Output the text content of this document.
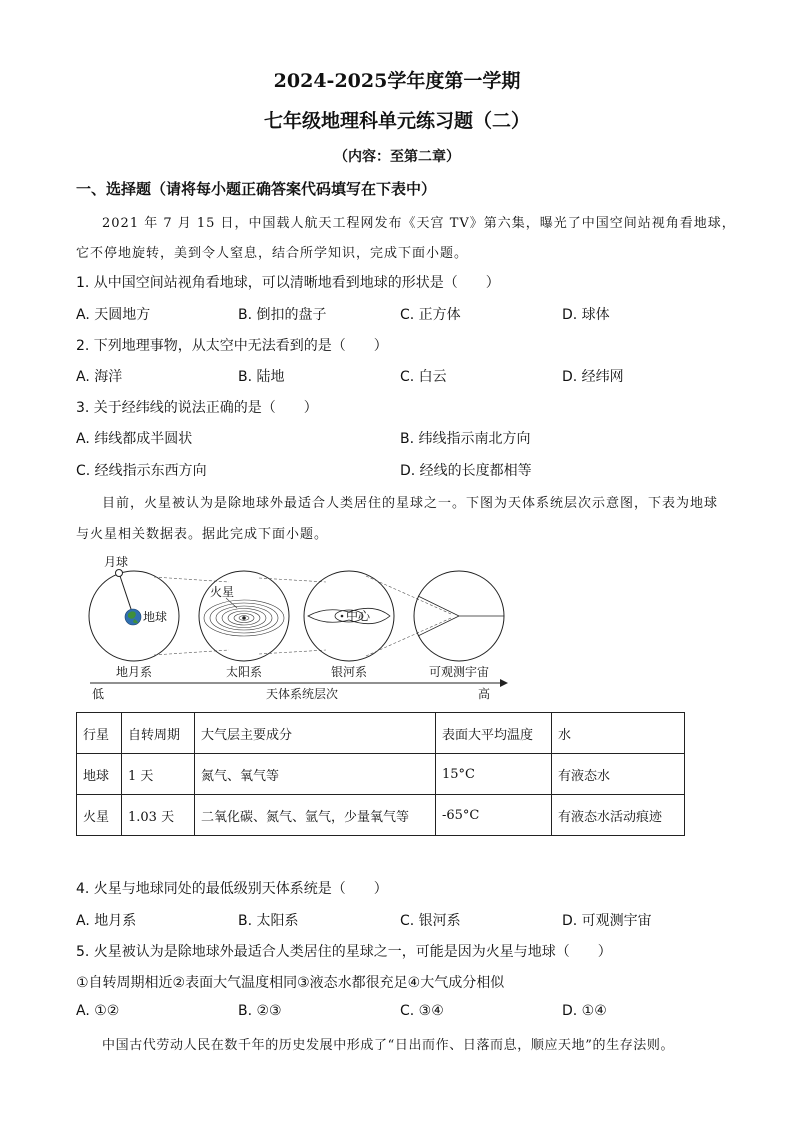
2024-2025学年度第一学期
七年级地理科单元练习题（二）
（内容：至第二章）
一、选择题（请将每小题正确答案代码填写在下表中）
2021 年 7 月 15 日，中国载人航天工程网发布《天宫 TV》第六集，曝光了中国空间站视角看地球，
它不停地旋转，美到令人窒息，结合所学知识，完成下面小题。
1. 从中国空间站视角看地球，可以清晰地看到地球的形状是（　　）
A. 天圆地方	B. 倒扣的盘子	C. 正方体	D. 球体
2. 下列地理事物，从太空中无法看到的是（　　）
A. 海洋	B. 陆地	C. 白云	D. 经纬网
3. 关于经纬线的说法正确的是（　　）
A. 纬线都成半圆状	B. 纬线指示南北方向
C. 经线指示东西方向	D. 经线的长度都相等
目前，火星被认为是除地球外最适合人类居住的星球之一。下图为天体系统层次示意图，下表为地球
与火星相关数据表。据此完成下面小题。
月球
地球
火星
中心
地月系	太阳系	银河系	可观测宇宙
低	天体系统层次	高
行星	自转周期	大气层主要成分	表面大平均温度	水
地球	1 天	氮气、氧气等	15°C	有液态水
火星	1.03 天	二氧化碳、氮气、氩气，少量氧气等	-65°C	有液态水活动痕迹
4. 火星与地球同处的最低级别天体系统是（　　）
A. 地月系	B. 太阳系	C. 银河系	D. 可观测宇宙
5. 火星被认为是除地球外最适合人类居住的星球之一，可能是因为火星与地球（　　）
①自转周期相近②表面大气温度相同③液态水都很充足④大气成分相似
A. ①②	B. ②③	C. ③④	D. ①④
中国古代劳动人民在数千年的历史发展中形成了“日出而作、日落而息，顺应天地”的生存法则。
